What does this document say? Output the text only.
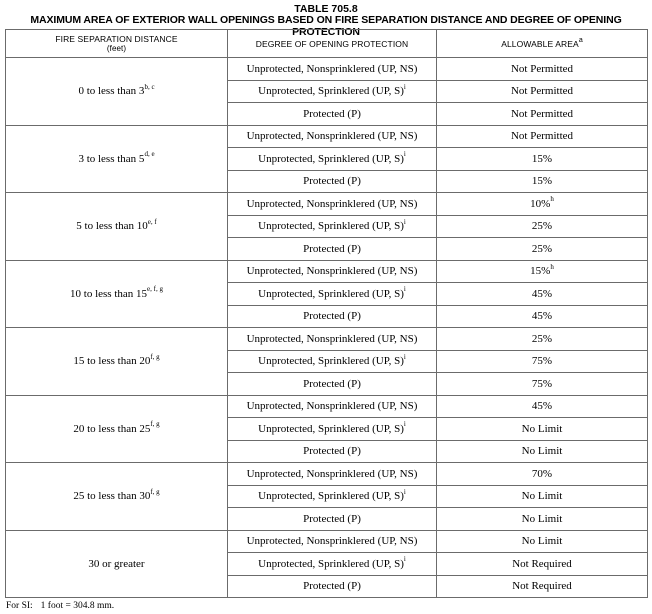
TABLE 705.8
MAXIMUM AREA OF EXTERIOR WALL OPENINGS BASED ON FIRE SEPARATION DISTANCE AND DEGREE OF OPENING PROTECTION
FIRE SEPARATION DISTANCE
(feet)	DEGREE OF OPENING PROTECTION	ALLOWABLE AREA$^a$
0 to less than 3$^{b, c}$	Unprotected, Nonsprinklered (UP, NS)	Not Permitted
	Unprotected, Sprinklered (UP, S)$^i$	Not Permitted
	Protected (P)	Not Permitted
3 to less than 5$^{d, e}$	Unprotected, Nonsprinklered (UP, NS)	Not Permitted
	Unprotected, Sprinklered (UP, S)$^i$	15%
	Protected (P)	15%
5 to less than 10$^{e, f}$	Unprotected, Nonsprinklered (UP, NS)	10%$^h$
	Unprotected, Sprinklered (UP, S)$^i$	25%
	Protected (P)	25%
10 to less than 15$^{e, f, g}$	Unprotected, Nonsprinklered (UP, NS)	15%$^h$
	Unprotected, Sprinklered (UP, S)$^i$	45%
	Protected (P)	45%
15 to less than 20$^{f, g}$	Unprotected, Nonsprinklered (UP, NS)	25%
	Unprotected, Sprinklered (UP, S)$^i$	75%
	Protected (P)	75%
20 to less than 25$^{f, g}$	Unprotected, Nonsprinklered (UP, NS)	45%
	Unprotected, Sprinklered (UP, S)$^i$	No Limit
	Protected (P)	No Limit
25 to less than 30$^{f, g}$	Unprotected, Nonsprinklered (UP, NS)	70%
	Unprotected, Sprinklered (UP, S)$^i$	No Limit
	Protected (P)	No Limit
30 or greater	Unprotected, Nonsprinklered (UP, NS)	No Limit
	Unprotected, Sprinklered (UP, S)$^i$	Not Required
	Protected (P)	Not Required
For SI: 1 foot = 304.8 mm.
